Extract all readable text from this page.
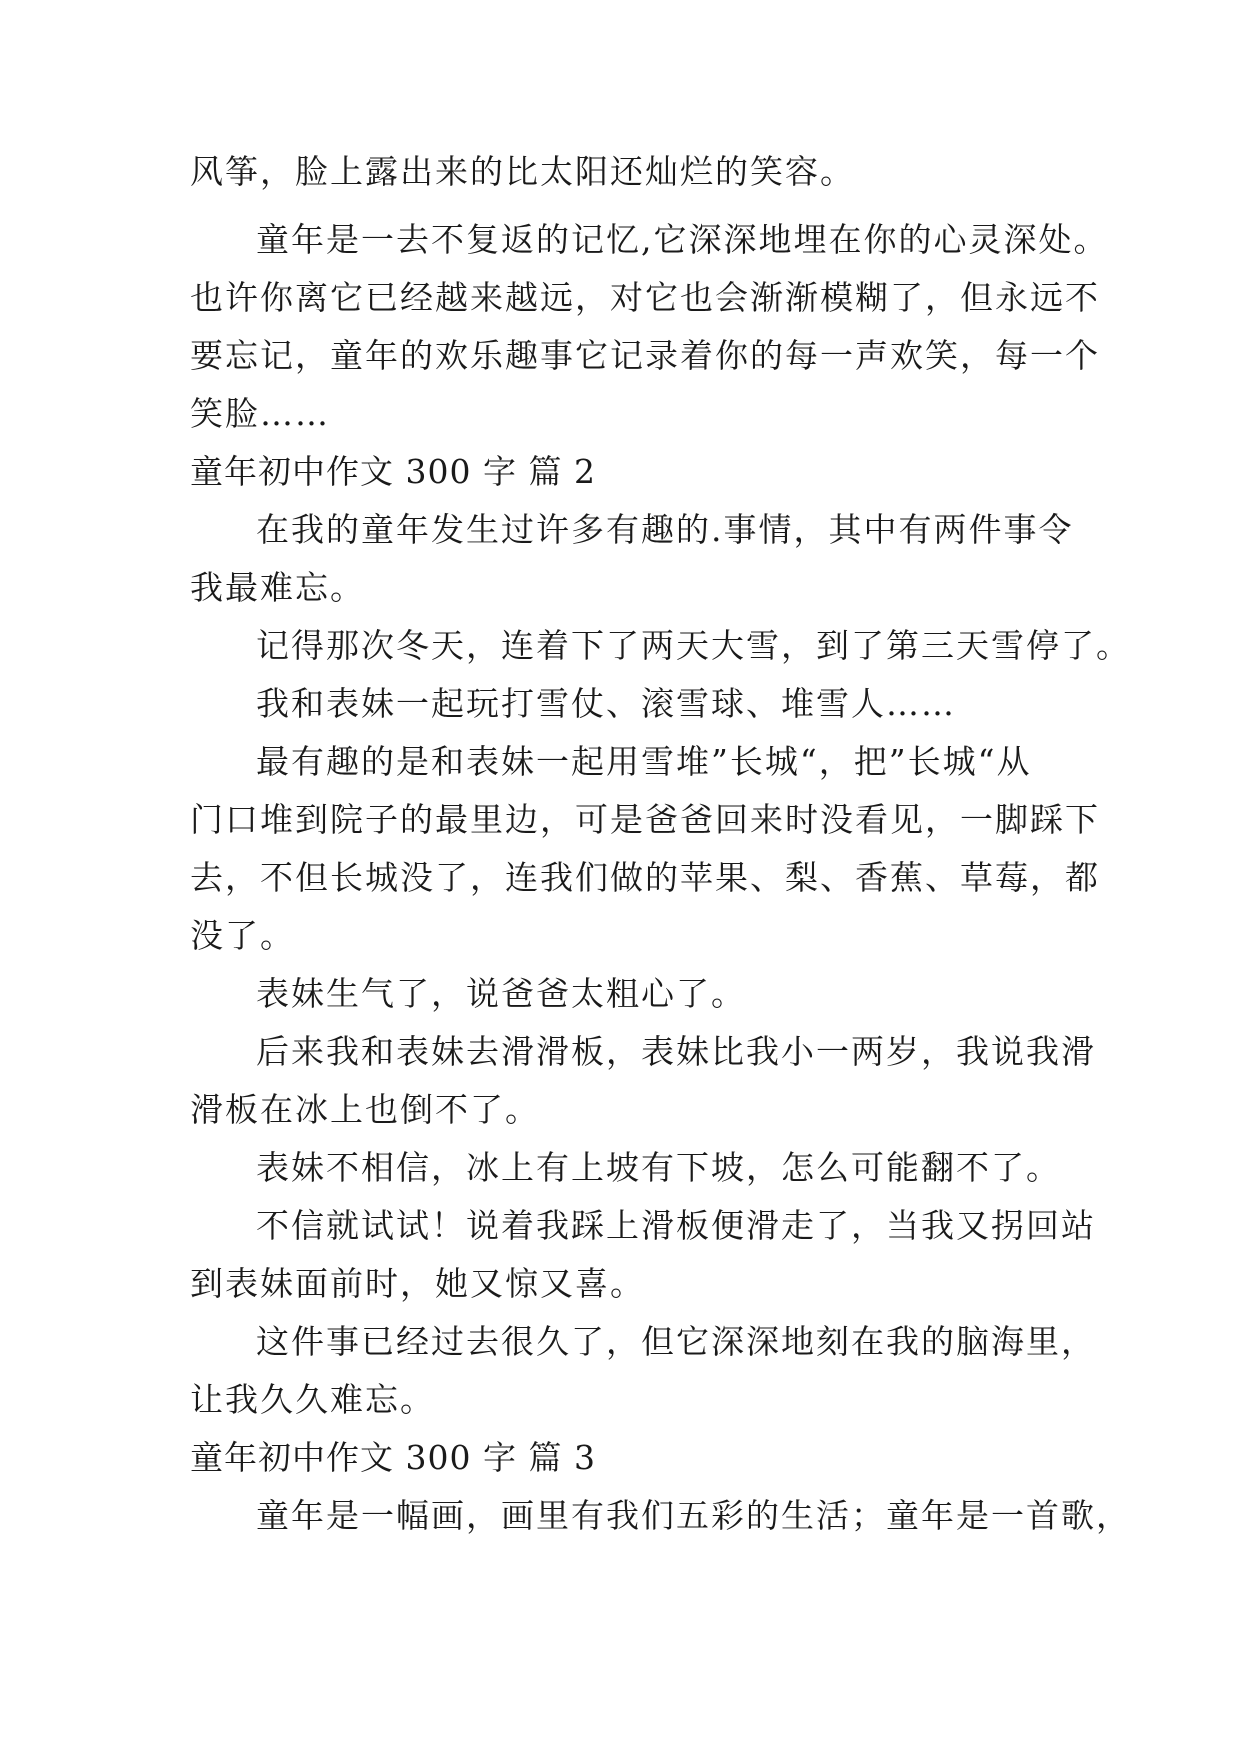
风筝，脸上露出来的比太阳还灿烂的笑容。
童年是一去不复返的记忆,它深深地埋在你的心灵深处。
也许你离它已经越来越远，对它也会渐渐模糊了，但永远不
要忘记，童年的欢乐趣事它记录着你的每一声欢笑，每一个
笑脸……
童年初中作文 300 字 篇 2
在我的童年发生过许多有趣的.事情，其中有两件事令
我最难忘。
记得那次冬天，连着下了两天大雪，到了第三天雪停了。
我和表妹一起玩打雪仗、滚雪球、堆雪人……
最有趣的是和表妹一起用雪堆”长城“，把”长城“从
门口堆到院子的最里边，可是爸爸回来时没看见，一脚踩下
去，不但长城没了，连我们做的苹果、梨、香蕉、草莓，都
没了。
表妹生气了，说爸爸太粗心了。
后来我和表妹去滑滑板，表妹比我小一两岁，我说我滑
滑板在冰上也倒不了。
表妹不相信，冰上有上坡有下坡，怎么可能翻不了。
不信就试试！说着我踩上滑板便滑走了，当我又拐回站
到表妹面前时，她又惊又喜。
这件事已经过去很久了，但它深深地刻在我的脑海里，
让我久久难忘。
童年初中作文 300 字 篇 3
童年是一幅画，画里有我们五彩的生活；童年是一首歌，
